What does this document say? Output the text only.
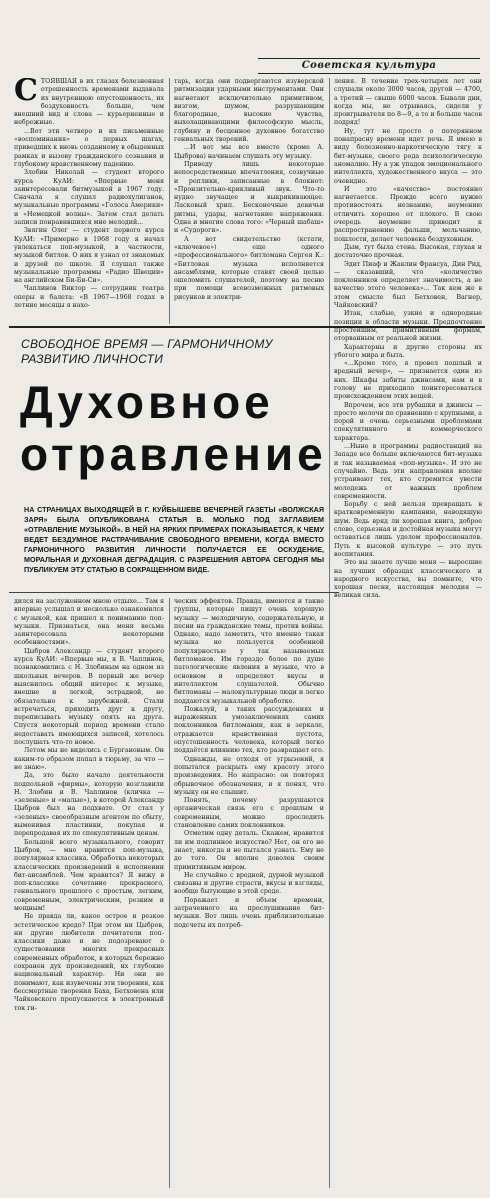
Советская культура
С ТОЯВШАЯ в их глазах болезненная отрешенность временами выдавала их внутреннюю опустошенность, их бездуховность больше, чем внешний вид и слова — курьерненные и небрежные.

...Вот эти четверо и их письменные «воспоминания» о первых шагах, приведших к вновь созданному в обыденных рамках и вызову гражданского сознания и глубокому нравственному падению.

Злобин Николай — студент второго курса КуАИ: «Впервые меня заинтересовали битмузыкой в 1967 году. Сначала я слушал радиохулиганов, музыкальные программы «Голоса Америки» и «Немецкой волны». Затем стал делать записи понравившихся мне мелодий...

Звягин Олег — студент первого курса КуАИ: «Примерно в 1968 году я начал увлекаться поп-музыкой, в частности, музыкой битлов. О них я узнал от знакомых и друзей по школе. Я слушал также музыкальные программы «Радио Швеции» на английском Би-Би-Си».

Чаплинов Виктор — сотрудник театра оперы и балета: «В 1967—1968 годах в летние месяцы я нахо-

тарь, когда они подвергаются изуверской ритмизации ударными инструментами. Они нагнетают исключительно примитивом, визгом, шумом, разрушающим благородные, высокие чувства, выхолащивающими философскую мысль, глубину и бесценное духовное богатство гениальных творений.

...И вот мы все вместе (кроме А. Цыброва) начинаем слушать эту музыку.

Приведу лишь некоторые непосредственные впечатления, созвучные и реплики, записанные в блокнот: «Пронзительно-крикливый звук. Что-то нудно звучащее и выкрикивающее. Ласковый хрип. Бесконечные девичьи ритмы, удары, нагнетание напряжения. Одна и многие слова того: «Черный шабаш» и «Судороги».

А вот свидетельство (кстати, «ключевое») еще одного «профессионального» битломана Сергея К.: «Битловая музыка исполняется ансамблями, которые ставят своей целью ошеломить слушателей, поэтому на песню при помощи всевозможных ритмовых рисунков и электри-

ления. В течение трех-четырех лет они слушали около 3000 часов, другой — 4700, а третий — свыше 6000 часов. Бывали дни, когда мы, не отрываясь, сидели у проигрывателя по 8—9, а то и больше часов подряд!

Ну, тут не просто о потерянном понапрасну времени идет речь. Я имею в виду болезненно-наркотическую тягу к бит-музыке, своего рода психологическую аномалию. Ну а уж упадок эмоционального интеллекта, художественного вкуса — это очевидно.

И это «качество» постоянно нагнетается. Прежде всего нужно противостоять незнанию, неумению отличить хорошее от плохого. В свою очередь неумение приводит к распространению фальши, мельчанию, пошлости, делает человека бездуховным.

Дым, тут была стена. Высокая, глухая и достаточно прочная.

Эдит Пиаф и Жаклин Франсуа, Дин Рид, — сказавший, что «количество поклонников определяет значимость, а не качество этого человека»... Так кем же в этом смысле был Бетховен, Вагнер, Чайковский?

Итак, слабые, узкие и однородные позиции в области музыки. Предпочтение простейшим, примитивным формам, оторванным от реальной жизни.

Характерны и другие стороны их убогого мира и быта.

«...Кроме того, я провел пошлый и вредный вечер», — признается один из них. Шкафы забиты джинсами, нам и в голову не приходило поинтересоваться происхождением этих вещей.

Впрочем, все эти рубашки и джинсы — просто мелочи по сравнению с крупными, а порой и очень серьезными проблемами спекулятивного и коммерческого характера.

...Ныне в программы радиостанций на Западе все больше включаются бит-музыка и так называемая «поп-музыка». И это не случайно. Ведь эти направления вполне устраивают тех, кто стремится увести молодежь от важных проблем современности.

Борьбу с ней нельзя превращать в кратковременную кампанию, наводящую шум. Ведь вряд ли хорошая книга, доброе слово, серьезная и достойная музыка могут оставаться лишь уделом профессионалов. Путь к высокой культуре — это путь воспитания.

Это вы знаете лучше меня — выросшие на лучших образцах классического и народного искусства, вы помните, что хорошая песня, настоящая мелодия — великая сила.

СВОБОДНОЕ ВРЕМЯ — ГАРМОНИЧНОМУ РАЗВИТИЮ ЛИЧНОСТИ
Духовное
отравление
НА СТРАНИЦАХ ВЫХОДЯЩЕЙ В Г. КУЙБЫШЕВЕ ВЕЧЕРНЕЙ ГАЗЕТЫ «ВОЛЖСКАЯ ЗАРЯ» БЫЛА ОПУБЛИКОВАНА СТАТЬЯ В. МОЛЬКО ПОД ЗАГЛАВИЕМ «ОТРАВЛЕНИЕ МУЗЫКОЙ». В НЕЙ НА ЯРКИХ ПРИМЕРАХ ПОКАЗЫВАЕТСЯ, К ЧЕМУ ВЕДЕТ БЕЗДУМНОЕ РАСТРАЧИВАНИЕ СВОБОДНОГО ВРЕМЕНИ, КОГДА ВМЕСТО ГАРМОНИЧНОГО РАЗВИТИЯ ЛИЧНОСТИ ПОЛУЧАЕТСЯ ЕЕ ОСКУДЕНИЕ, МОРАЛЬНАЯ И ДУХОВНАЯ ДЕГРАДАЦИЯ. С РАЗРЕШЕНИЯ АВТОРА СЕГОДНЯ МЫ ПУБЛИКУЕМ ЭТУ СТАТЬЮ В СОКРАЩЕННОМ ВИДЕ.

дился на заслуженном мною отдыхе... Там я впервые услышал и несколько ознакомился с музыкой, как пришел к пониманию поп-музыки. Признаться, она меня весьма заинтересовала некоторыми особенностями».

Цыбров Александр — студент второго курса КуАИ: «Впервые мы, я В. Чаплинов, познакомились с Н. Злобиным на одном из школьных вечеров. В первый же вечер выяснилось общий интерес к музыке, внешне и легкой, эстрадной, не обязательно к зарубежной. Стали встречаться, приходить друг к другу, переписывать музыку опять на друга. Спустя некоторый период времени стало недоставать имеющихся записей, хотелось послушать что-то новое.

Летом мы не виделись с Бургановым. Он каким-то образом попал в тюрьму, за что — не знаю».

Да, это было начало деятельности подпольной «фирмы», которую возглавили Н. Злобин и В. Чаплинов (кличка — «зеленые» и «малые»), в которой Александр Цыбров был на подхвате. От стал у «зеленых» своеобразным агентом по сбыту, выменивая пластинки, покупая и перепродавая их по спекулятивным ценам.

Большой всего музыкального, говорит Цыбров, — мне нравится поп-музыка, популярная классика. Обработка некоторых классических произведений в исполнении бит-ансамблей. Чем нравится? Я вижу в поп-классике сочетание прекрасного, гениального прошлого с простым, легким, современным, электрическим, резким и мощным!

Не правда ли, какое острое и резкое эстетическое кредо? При этом ни Цыбров, ни другие любители почитатели поп-классики даже и не подозревают о существовании многих прекрасных современных обработок, в которых бережно сохранен дух произведений, их глубокие национальный характер. Ни они не понимают, как изувечены эти творения, как бессмертные творения Баха, Бетховена или Чайковского пропускаются в электронный ток ги-

ческих эффектов. Правда, имеются и такие группы, которые пишут очень хорошую музыку — мелодичную, содержательную, и песни на гражданские темы, против войны. Однако, надо заметить, что именно такая музыка не пользуется особенной популярностью у так называемых битломанов. Им гораздо более по душе патологические явления в музыке, что в основном и определяет вкусы и интеллектом слушателей. Обычно битломаны — малокультурные люди и легко поддаются музыкальной обработке.

Пожалуй, в таких рассуждениях и выраженных умозаключениях самих поклонников битломании, как в зеркале, отражается нравственная пустота, опустошенность человека, который легко поддаётся влиянию тех, кто развращает его.

Однажды, не отходя от угрызений, я попытался раскрыть ему красоту этого произведения. Но напрасно: он повторял обрывочное обозначения, и я понял, что музыку он не слышит.

Понять, почему разрушаются органическая связь его с прошлым и современным, можно проследить становление самих поклонников.

Отметим одну деталь. Скажем, нравится ли им подлинное искусство? Нет, он его не знает, никогда и не пытался узнать. Ему не до того. Он вполне доволен своим примитивным миром.

Не случайно с вредной, дурной музыкой связаны и другие страсти, вкусы и взгляды, вообще бытующие в этой среде.

Поражает и объем времени, затраченного на прослушивание бит-музыки. Вот лишь очень приблизительные подсчеты их потреб-
